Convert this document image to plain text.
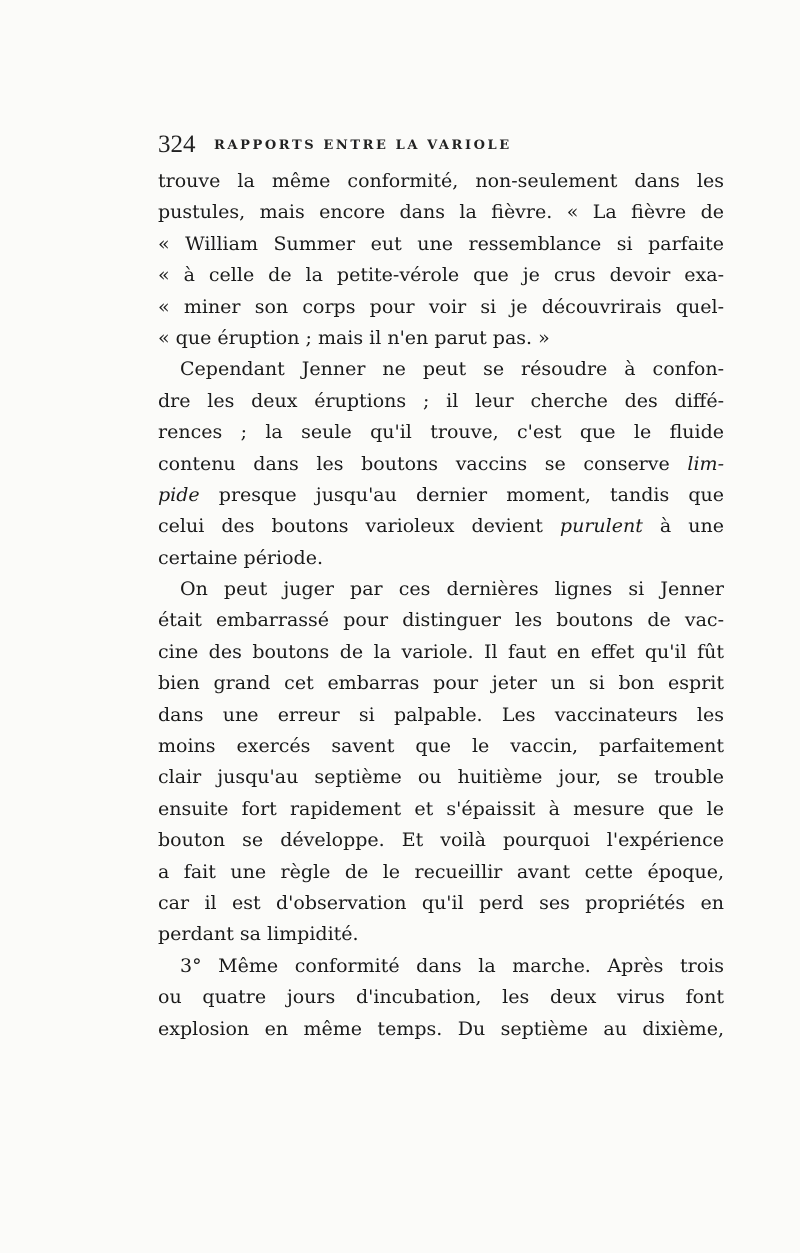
324 RAPPORTS ENTRE LA VARIOLE
trouve la même conformité, non-seulement dans les
pustules, mais encore dans la fièvre. « La fièvre de
« William Summer eut une ressemblance si parfaite
« à celle de la petite-vérole que je crus devoir exa-
« miner son corps pour voir si je découvrirais quel-
« que éruption ; mais il n'en parut pas. »
Cependant Jenner ne peut se résoudre à confon-
dre les deux éruptions ; il leur cherche des diffé-
rences ; la seule qu'il trouve, c'est que le fluide
contenu dans les boutons vaccins se conserve lim-
pide presque jusqu'au dernier moment, tandis que
celui des boutons varioleux devient purulent à une
certaine période.
On peut juger par ces dernières lignes si Jenner
était embarrassé pour distinguer les boutons de vac-
cine des boutons de la variole. Il faut en effet qu'il fût
bien grand cet embarras pour jeter un si bon esprit
dans une erreur si palpable. Les vaccinateurs les
moins exercés savent que le vaccin, parfaitement
clair jusqu'au septième ou huitième jour, se trouble
ensuite fort rapidement et s'épaissit à mesure que le
bouton se développe. Et voilà pourquoi l'expérience
a fait une règle de le recueillir avant cette époque,
car il est d'observation qu'il perd ses propriétés en
perdant sa limpidité.
3° Même conformité dans la marche. Après trois
ou quatre jours d'incubation, les deux virus font
explosion en même temps. Du septième au dixième,
